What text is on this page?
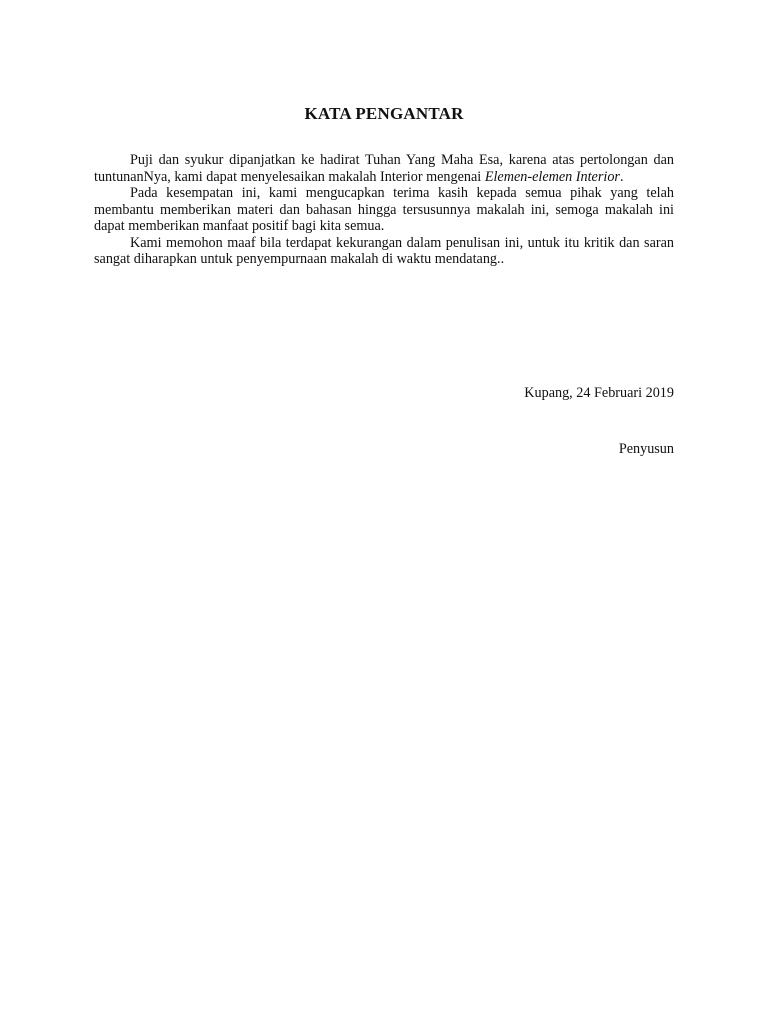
KATA PENGANTAR

Puji dan syukur dipanjatkan ke hadirat Tuhan Yang Maha Esa, karena atas pertolongan dan tuntunanNya, kami dapat menyelesaikan makalah Interior mengenai Elemen-elemen Interior.

Pada kesempatan ini, kami mengucapkan terima kasih kepada semua pihak yang telah membantu memberikan materi dan bahasan hingga tersusunnya makalah ini, semoga makalah ini dapat memberikan manfaat positif bagi kita semua.

Kami memohon maaf bila terdapat kekurangan dalam penulisan ini, untuk itu kritik dan saran sangat diharapkan untuk penyempurnaan makalah di waktu mendatang..

Kupang, 24 Februari 2019
Penyusun
